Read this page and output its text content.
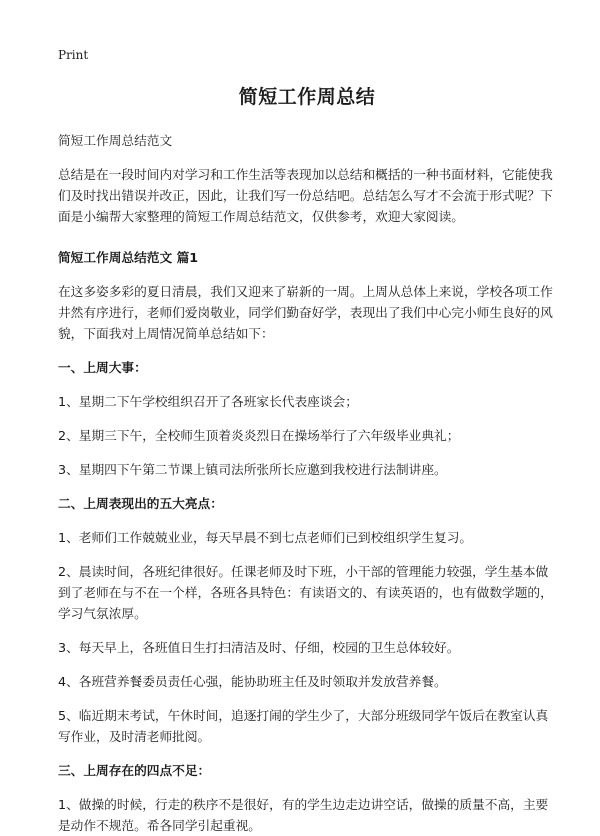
Print
简短工作周总结

简短工作周总结范文

总结是在一段时间内对学习和工作生活等表现加以总结和概括的一种书面材料，它能使我们及时找出错误并改正，因此，让我们写一份总结吧。总结怎么写才不会流于形式呢？下面是小编帮大家整理的简短工作周总结范文，仅供参考，欢迎大家阅读。

简短工作周总结范文 篇1

在这多姿多彩的夏日清晨，我们又迎来了崭新的一周。上周从总体上来说，学校各项工作井然有序进行，老师们爱岗敬业，同学们勤奋好学，表现出了我们中心完小师生良好的风貌，下面我对上周情况简单总结如下：

一、上周大事：

1、星期二下午学校组织召开了各班家长代表座谈会；

2、星期三下午，全校师生顶着炎炎烈日在操场举行了六年级毕业典礼；

3、星期四下午第二节课上镇司法所张所长应邀到我校进行法制讲座。

二、上周表现出的五大亮点：

1、老师们工作兢兢业业，每天早晨不到七点老师们已到校组织学生复习。

2、晨读时间，各班纪律很好。任课老师及时下班，小干部的管理能力较强，学生基本做到了老师在与不在一个样，各班各具特色：有读语文的、有读英语的，也有做数学题的，学习气氛浓厚。

3、每天早上，各班值日生打扫清洁及时、仔细，校园的卫生总体较好。

4、各班营养餐委员责任心强，能协助班主任及时领取并发放营养餐。

5、临近期末考试，午休时间，追逐打闹的学生少了，大部分班级同学午饭后在教室认真写作业，及时清老师批阅。

三、上周存在的四点不足：

1、做操的时候，行走的秩序不是很好，有的学生边走边讲空话，做操的质量不高，主要是动作不规范。希各同学引起重视。
